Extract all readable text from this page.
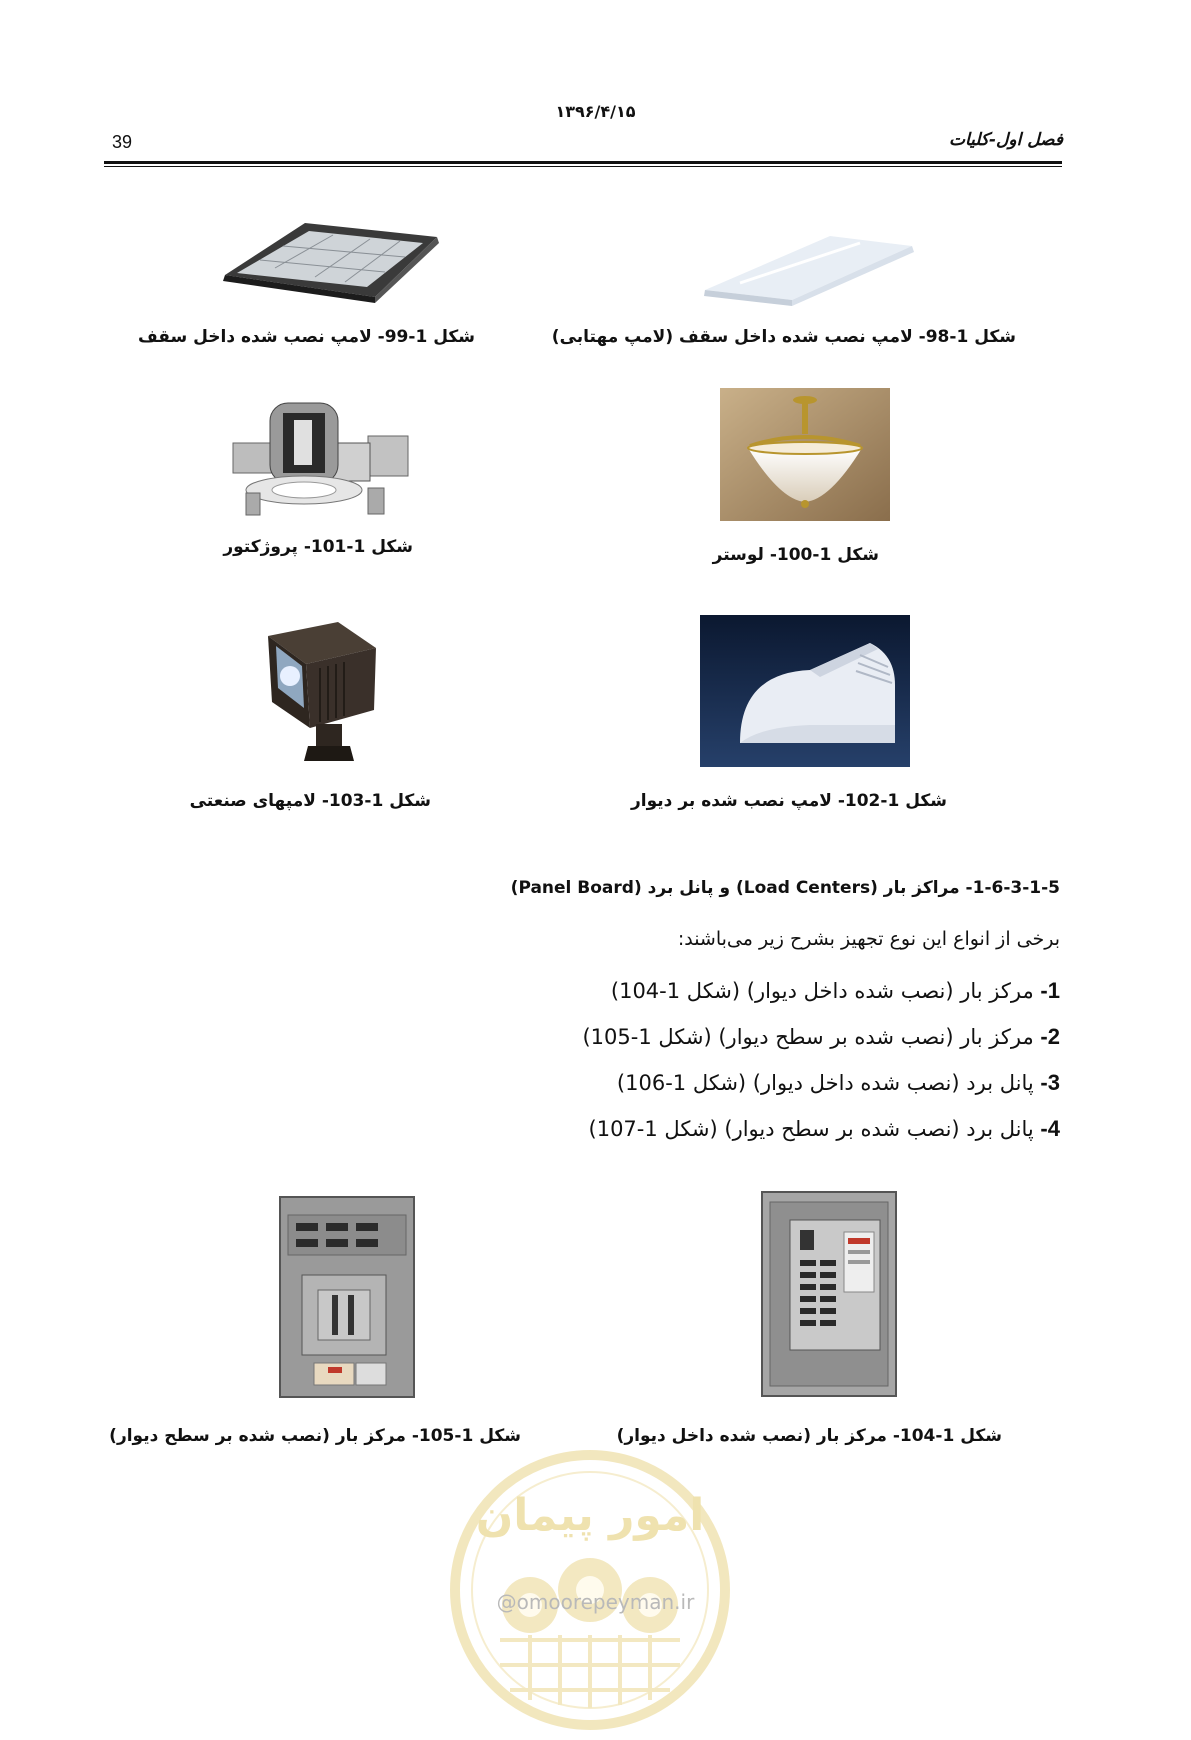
۱۳۹۶/۴/۱۵
39	فصل اول-کلیات
شکل 1-99- لامپ نصب شده داخل سقف	شکل 1-98- لامپ نصب شده داخل سقف (لامپ مهتابی)
شکل 1-101- پروژکتور	شکل 1-100- لوستر
شکل 1-103- لامپهای صنعتی	شکل 1-102- لامپ نصب شده بر دیوار
1-6-3-1-5- مراکز بار (Load Centers) و پانل برد (Panel Board)
برخی از انواع این نوع تجهیز بشرح زیر می‌باشند:
1- مرکز بار (نصب شده داخل دیوار) (شکل 1-104)
2- مرکز بار (نصب شده بر سطح دیوار) (شکل 1-105)
3- پانل برد (نصب شده داخل دیوار) (شکل 1-106)
4- پانل برد (نصب شده بر سطح دیوار) (شکل 1-107)
شکل 1-105- مرکز بار (نصب شده بر سطح دیوار)	شکل 1-104- مرکز بار (نصب شده داخل دیوار)
امور پیمان
@omoorepeyman.ir
